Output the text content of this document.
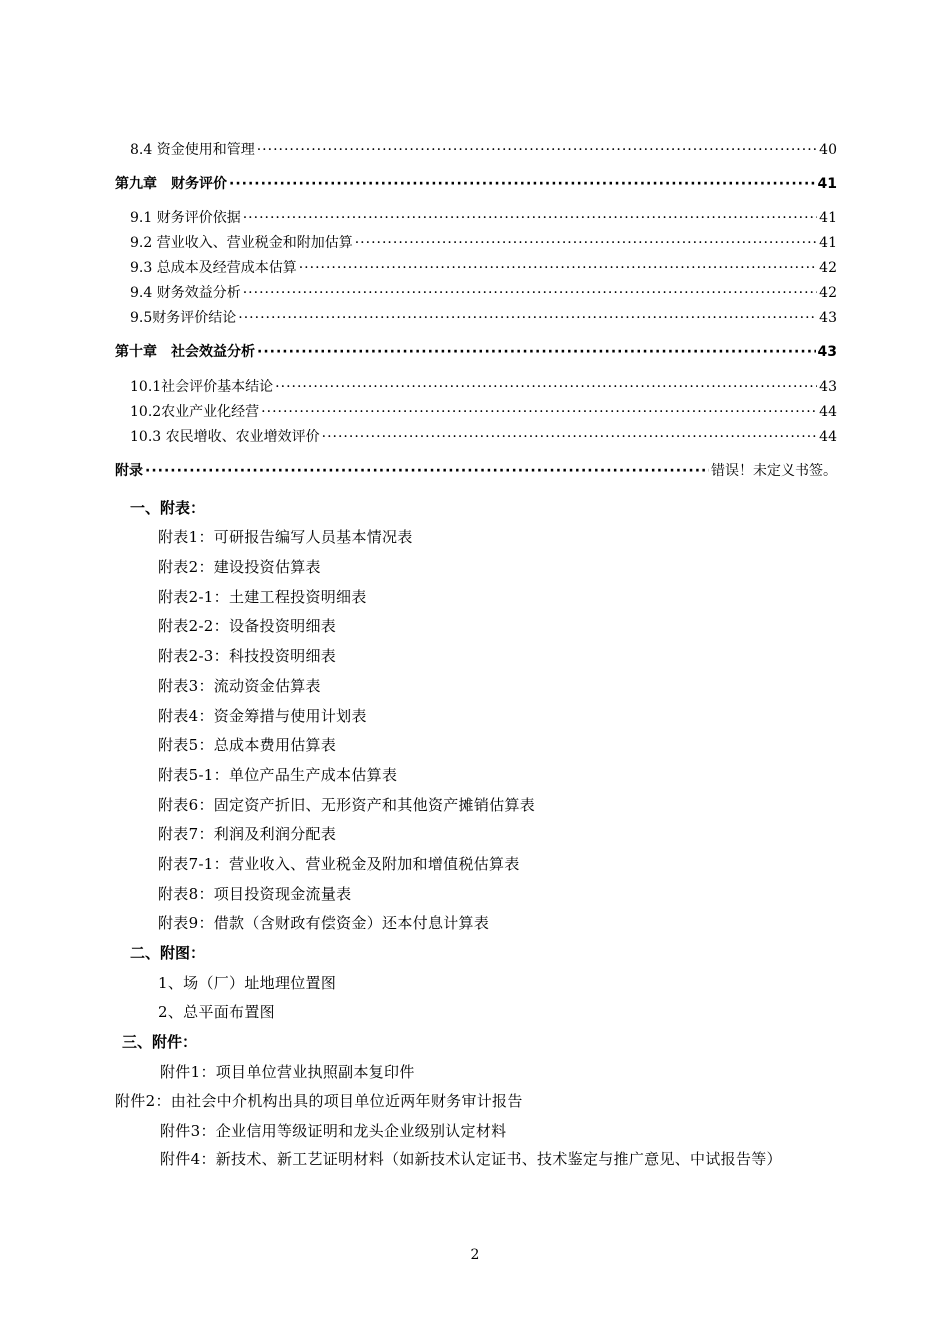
8.4 资金使用和管理 ·····	40
第九章　财务评价 ·····	41
9.1 财务评价依据 ·····	41
9.2 营业收入、营业税金和附加估算 ·····	41
9.3 总成本及经营成本估算 ·····	42
9.4 财务效益分析 ·····	42
9.5财务评价结论 ·····	43
第十章　社会效益分析 ·····	43
10.1社会评价基本结论 ·····	43
10.2农业产业化经营 ·····	44
10.3 农民增收、农业增效评价 ·····	44
附录 ·····	错误！未定义书签。
一、附表：
附表1：可研报告编写人员基本情况表
附表2：建设投资估算表
附表2-1：土建工程投资明细表
附表2-2：设备投资明细表
附表2-3：科技投资明细表
附表3：流动资金估算表
附表4：资金筹措与使用计划表
附表5：总成本费用估算表
附表5-1：单位产品生产成本估算表
附表6：固定资产折旧、无形资产和其他资产摊销估算表
附表7：利润及利润分配表
附表7-1：营业收入、营业税金及附加和增值税估算表
附表8：项目投资现金流量表
附表9：借款（含财政有偿资金）还本付息计算表
二、附图：
1、场（厂）址地理位置图
2、总平面布置图
三、附件：
附件1：项目单位营业执照副本复印件
附件2：由社会中介机构出具的项目单位近两年财务审计报告
附件3：企业信用等级证明和龙头企业级别认定材料
附件4：新技术、新工艺证明材料（如新技术认定证书、技术鉴定与推广意见、中试报告等）
2
